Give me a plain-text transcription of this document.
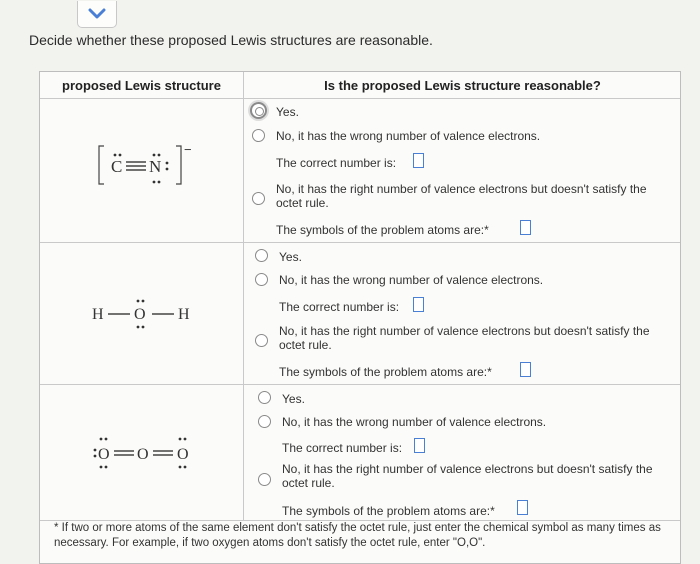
Decide whether these proposed Lewis structures are reasonable.
proposed Lewis structure	Is the proposed Lewis structure reasonable?
C N
−
H O H
O O O
Yes.
No, it has the wrong number of valence electrons.
The correct number is:
No, it has the right number of valence electrons but doesn't satisfy the
octet rule.
The symbols of the problem atoms are:*
Yes.
No, it has the wrong number of valence electrons.
The correct number is:
No, it has the right number of valence electrons but doesn't satisfy the
octet rule.
The symbols of the problem atoms are:*
Yes.
No, it has the wrong number of valence electrons.
The correct number is:
No, it has the right number of valence electrons but doesn't satisfy the
octet rule.
The symbols of the problem atoms are:*
* If two or more atoms of the same element don't satisfy the octet rule, just enter the chemical symbol as many times as necessary. For example, if two oxygen atoms don't satisfy the octet rule, enter "O,O".
